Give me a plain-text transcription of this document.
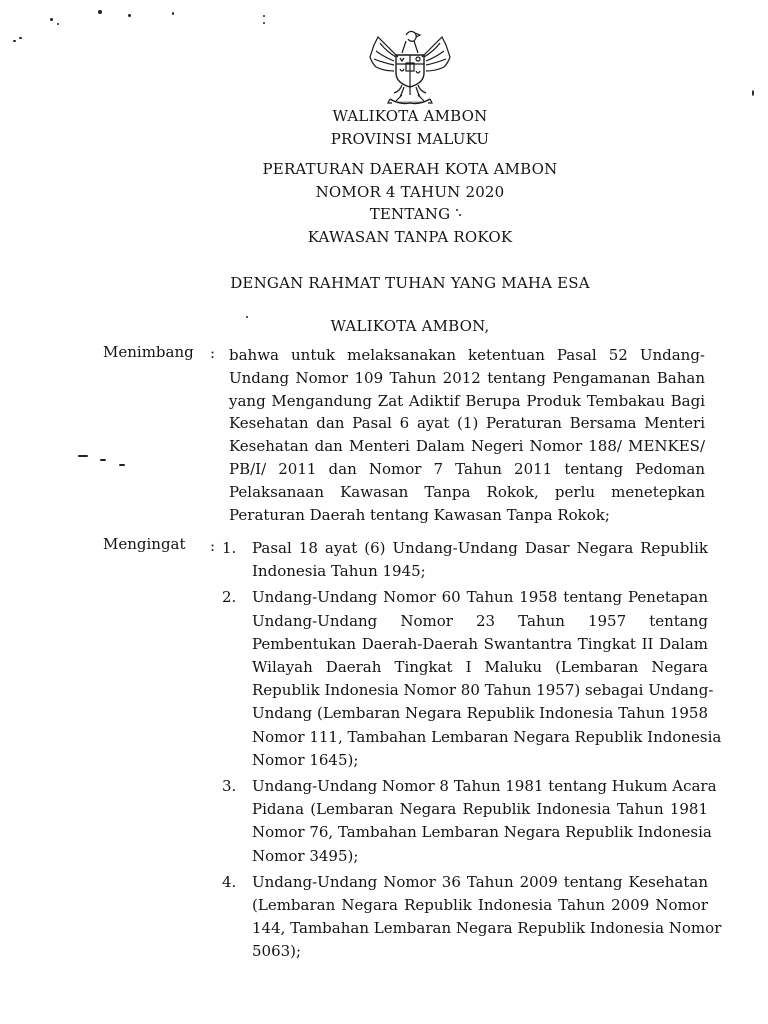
WALIKOTA AMBON
PROVINSI MALUKU
PERATURAN DAERAH KOTA AMBON
NOMOR 4 TAHUN 2020
TENTANG
KAWASAN TANPA ROKOK
DENGAN RAHMAT TUHAN YANG MAHA ESA
WALIKOTA AMBON,
Menimbang : bahwa untuk melaksanakan ketentuan Pasal 52 Undang-
Undang Nomor 109 Tahun 2012 tentang Pengamanan Bahan
yang Mengandung Zat Adiktif Berupa Produk Tembakau Bagi
Kesehatan dan Pasal 6 ayat (1) Peraturan Bersama Menteri
Kesehatan dan Menteri Dalam Negeri Nomor 188/ MENKES/
PB/I/ 2011 dan Nomor 7 Tahun 2011 tentang Pedoman
Pelaksanaan Kawasan Tanpa Rokok, perlu menetepkan
Peraturan Daerah tentang Kawasan Tanpa Rokok;
Mengingat : 1. Pasal 18 ayat (6) Undang-Undang Dasar Negara Republik
Indonesia Tahun 1945;
2. Undang-Undang Nomor 60 Tahun 1958 tentang Penetapan
Undang-Undang Nomor 23 Tahun 1957 tentang
Pembentukan Daerah-Daerah Swantantra Tingkat II Dalam
Wilayah Daerah Tingkat I Maluku (Lembaran Negara
Republik Indonesia Nomor 80 Tahun 1957) sebagai Undang-
Undang (Lembaran Negara Republik Indonesia Tahun 1958
Nomor 111, Tambahan Lembaran Negara Republik Indonesia
Nomor 1645);
3. Undang-Undang Nomor 8 Tahun 1981 tentang Hukum Acara
Pidana (Lembaran Negara Republik Indonesia Tahun 1981
Nomor 76, Tambahan Lembaran Negara Republik Indonesia
Nomor 3495);
4. Undang-Undang Nomor 36 Tahun 2009 tentang Kesehatan
(Lembaran Negara Republik Indonesia Tahun 2009 Nomor
144, Tambahan Lembaran Negara Republik Indonesia Nomor
5063);
